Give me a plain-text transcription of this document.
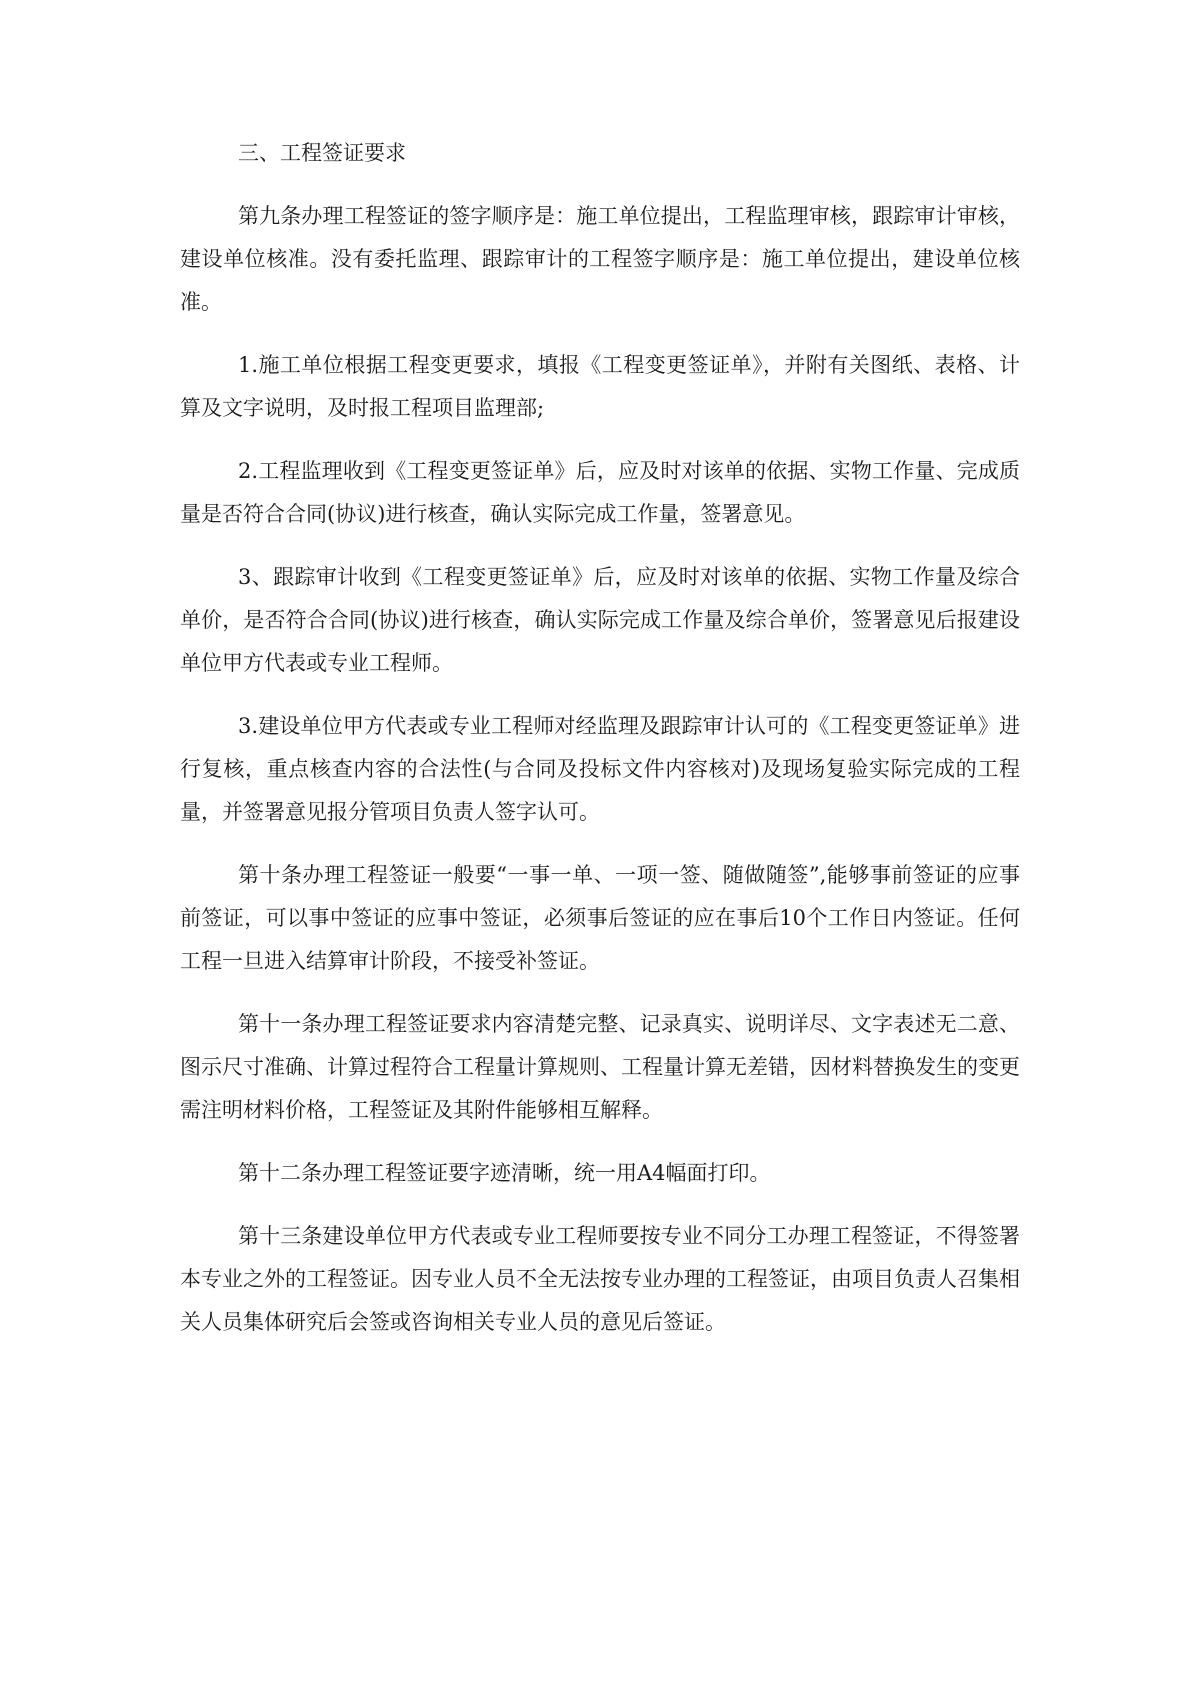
三、工程签证要求

第九条办理工程签证的签字顺序是：施工单位提出，工程监理审核，跟踪审计审核，建设单位核准。没有委托监理、跟踪审计的工程签字顺序是：施工单位提出，建设单位核准。

1.施工单位根据工程变更要求，填报《工程变更签证单》，并附有关图纸、表格、计算及文字说明，及时报工程项目监理部;

2.工程监理收到《工程变更签证单》后，应及时对该单的依据、实物工作量、完成质量是否符合合同(协议)进行核查，确认实际完成工作量，签署意见。

3、跟踪审计收到《工程变更签证单》后，应及时对该单的依据、实物工作量及综合单价，是否符合合同(协议)进行核查，确认实际完成工作量及综合单价，签署意见后报建设单位甲方代表或专业工程师。

3.建设单位甲方代表或专业工程师对经监理及跟踪审计认可的《工程变更签证单》进行复核，重点核查内容的合法性(与合同及投标文件内容核对)及现场复验实际完成的工程量，并签署意见报分管项目负责人签字认可。

第十条办理工程签证一般要“一事一单、一项一签、随做随签”,能够事前签证的应事前签证，可以事中签证的应事中签证，必须事后签证的应在事后10个工作日内签证。任何工程一旦进入结算审计阶段，不接受补签证。

第十一条办理工程签证要求内容清楚完整、记录真实、说明详尽、文字表述无二意、图示尺寸准确、计算过程符合工程量计算规则、工程量计算无差错，因材料替换发生的变更需注明材料价格，工程签证及其附件能够相互解释。

第十二条办理工程签证要字迹清晰，统一用A4幅面打印。

第十三条建设单位甲方代表或专业工程师要按专业不同分工办理工程签证，不得签署本专业之外的工程签证。因专业人员不全无法按专业办理的工程签证，由项目负责人召集相关人员集体研究后会签或咨询相关专业人员的意见后签证。
